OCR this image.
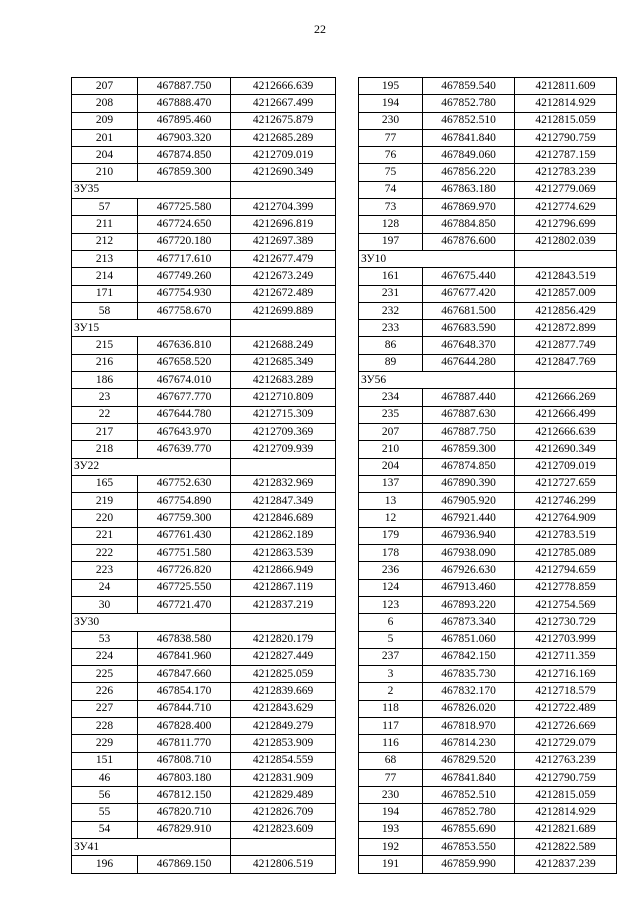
22
207	467887.750	4212666.639
208	467888.470	4212667.499
209	467895.460	4212675.879
201	467903.320	4212685.289
204	467874.850	4212709.019
210	467859.300	4212690.349
ЗУ35		
57	467725.580	4212704.399
211	467724.650	4212696.819
212	467720.180	4212697.389
213	467717.610	4212677.479
214	467749.260	4212673.249
171	467754.930	4212672.489
58	467758.670	4212699.889
ЗУ15		
215	467636.810	4212688.249
216	467658.520	4212685.349
186	467674.010	4212683.289
23	467677.770	4212710.809
22	467644.780	4212715.309
217	467643.970	4212709.369
218	467639.770	4212709.939
ЗУ22		
165	467752.630	4212832.969
219	467754.890	4212847.349
220	467759.300	4212846.689
221	467761.430	4212862.189
222	467751.580	4212863.539
223	467726.820	4212866.949
24	467725.550	4212867.119
30	467721.470	4212837.219
ЗУ30		
53	467838.580	4212820.179
224	467841.960	4212827.449
225	467847.660	4212825.059
226	467854.170	4212839.669
227	467844.710	4212843.629
228	467828.400	4212849.279
229	467811.770	4212853.909
151	467808.710	4212854.559
46	467803.180	4212831.909
56	467812.150	4212829.489
55	467820.710	4212826.709
54	467829.910	4212823.609
ЗУ41		
196	467869.150	4212806.519
195	467859.540	4212811.609
194	467852.780	4212814.929
230	467852.510	4212815.059
77	467841.840	4212790.759
76	467849.060	4212787.159
75	467856.220	4212783.239
74	467863.180	4212779.069
73	467869.970	4212774.629
128	467884.850	4212796.699
197	467876.600	4212802.039
ЗУ10		
161	467675.440	4212843.519
231	467677.420	4212857.009
232	467681.500	4212856.429
233	467683.590	4212872.899
86	467648.370	4212877.749
89	467644.280	4212847.769
ЗУ56		
234	467887.440	4212666.269
235	467887.630	4212666.499
207	467887.750	4212666.639
210	467859.300	4212690.349
204	467874.850	4212709.019
137	467890.390	4212727.659
13	467905.920	4212746.299
12	467921.440	4212764.909
179	467936.940	4212783.519
178	467938.090	4212785.089
236	467926.630	4212794.659
124	467913.460	4212778.859
123	467893.220	4212754.569
6	467873.340	4212730.729
5	467851.060	4212703.999
237	467842.150	4212711.359
3	467835.730	4212716.169
2	467832.170	4212718.579
118	467826.020	4212722.489
117	467818.970	4212726.669
116	467814.230	4212729.079
68	467829.520	4212763.239
77	467841.840	4212790.759
230	467852.510	4212815.059
194	467852.780	4212814.929
193	467855.690	4212821.689
192	467853.550	4212822.589
191	467859.990	4212837.239
